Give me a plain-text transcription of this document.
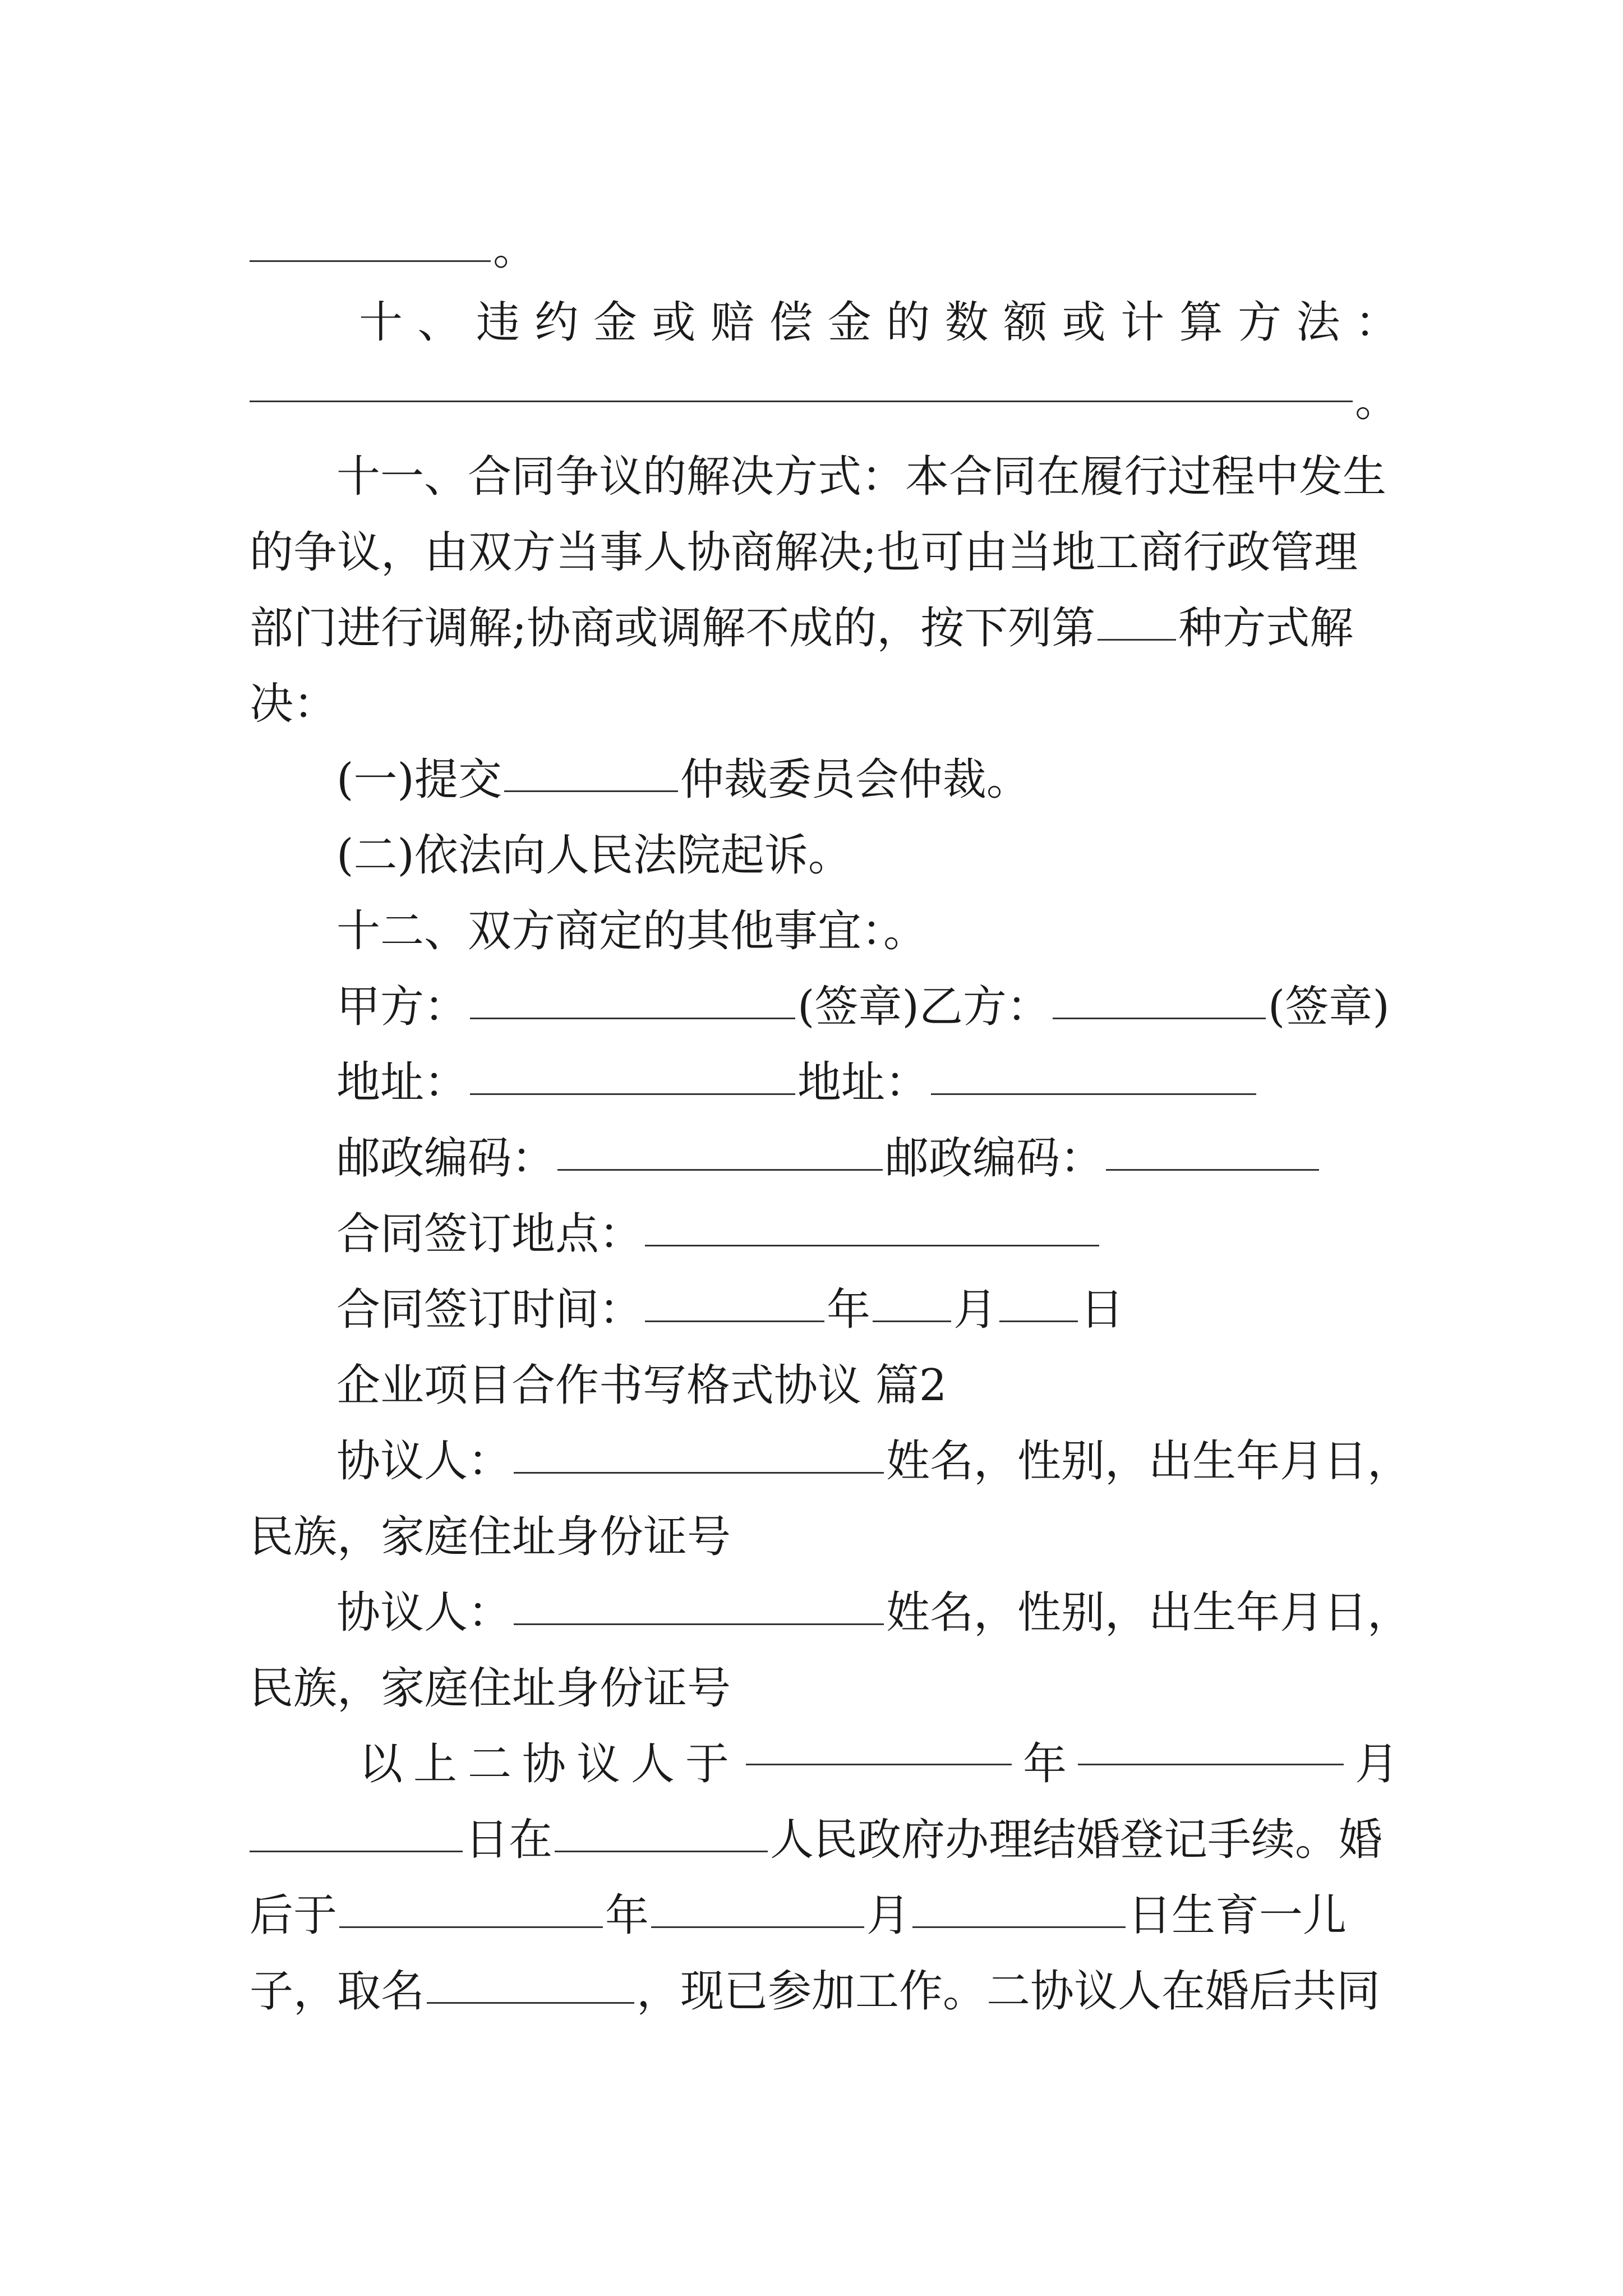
。
十 、 违 约 金 或 赔 偿 金 的 数 额 或 计 算 方 法 ：
。
十一、合同争议的解决方式：本合同在履行过程中发生
的争议，由双方当事人协商解决;也可由当地工商行政管理
部门进行调解;协商或调解不成的，按下列第 种方式解
决：
(一)提交	仲裁委员会仲裁。
(二)依法向人民法院起诉。
十二、双方商定的其他事宜：。
甲方：	(签章)乙方：	(签章)
地址：	地址：
邮政编码：	邮政编码：
合同签订地点：
合同签订时间：	年 月 日
企业项目合作书写格式协议 篇2
协议人：	姓名，性别，出生年月日，
民族，家庭住址身份证号
协议人：	姓名，性别，出生年月日，
民族，家庭住址身份证号
以 上 二 协 议 人 于	年	月
日在	人民政府办理结婚登记手续。婚
后于	年	月	日生育一儿
子，取名	，现已参加工作。二协议人在婚后共同
